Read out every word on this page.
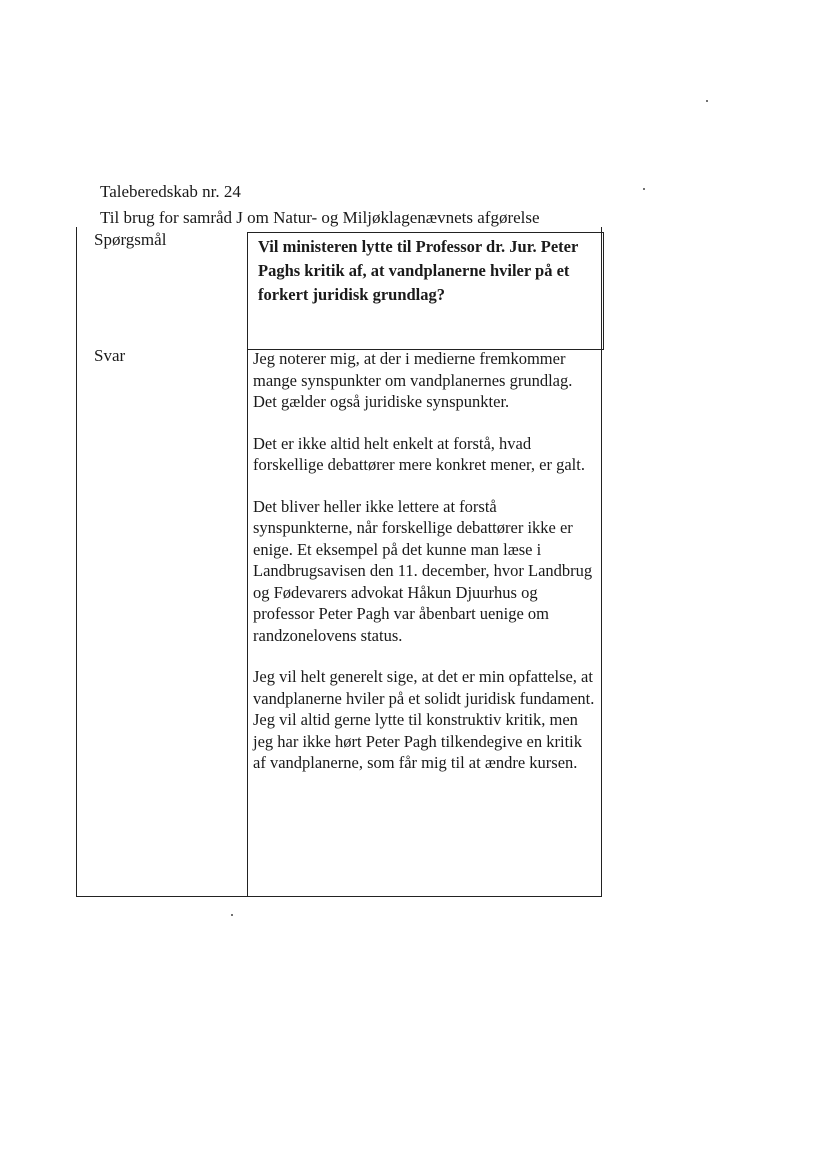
Talеberedskab nr. 24
Til brug for samråd J om Natur- og Miljøklagenævnets afgørelse
Spørgsmål	Vil ministeren lytte til Professor dr. Jur. Peter Paghs kritik af, at vandplanerne hviler på et forkert juridisk grundlag?
Svar	Jeg noterer mig, at der i medierne fremkommer mange synspunkter om vandplanernes grundlag. Det gælder også juridiske synspunkter.

Det er ikke altid helt enkelt at forstå, hvad forskellige debattører mere konkret mener, er galt.

Det bliver heller ikke lettere at forstå synspunkterne, når forskellige debattører ikke er enige. Et eksempel på det kunne man læse i Landbrugsavisen den 11. december, hvor Landbrug og Fødevarers advokat Håkun Djuurhus og professor Peter Pagh var åbenbart uenige om randzonelovens status.

Jeg vil helt generelt sige, at det er min opfattelse, at vandplanerne hviler på et solidt juridisk fundament. Jeg vil altid gerne lytte til konstruktiv kritik, men jeg har ikke hørt Peter Pagh tilkendegive en kritik af vandplanerne, som får mig til at ændre kursen.
